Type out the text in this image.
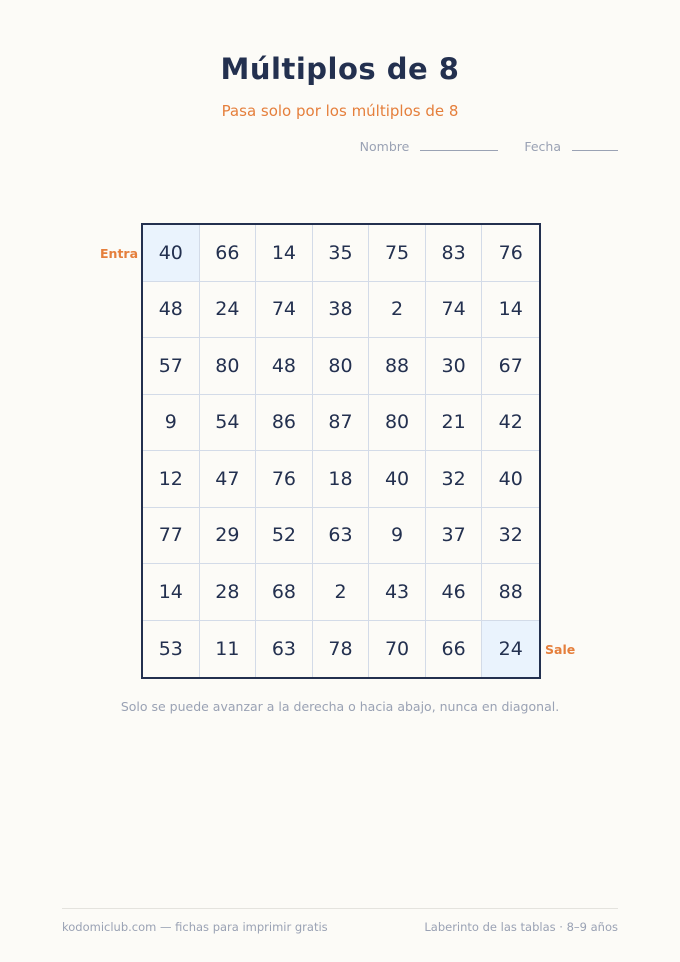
Múltiplos de 8
Pasa solo por los múltiplos de 8
Nombre	Fecha
Entra
Sale
40	66	14	35	75	83	76
48	24	74	38	2	74	14
57	80	48	80	88	30	67
9	54	86	87	80	21	42
12	47	76	18	40	32	40
77	29	52	63	9	37	32
14	28	68	2	43	46	88
53	11	63	78	70	66	24
Solo se puede avanzar a la derecha o hacia abajo, nunca en diagonal.
kodomiclub.com — fichas para imprimir gratis	Laberinto de las tablas · 8–9 años
